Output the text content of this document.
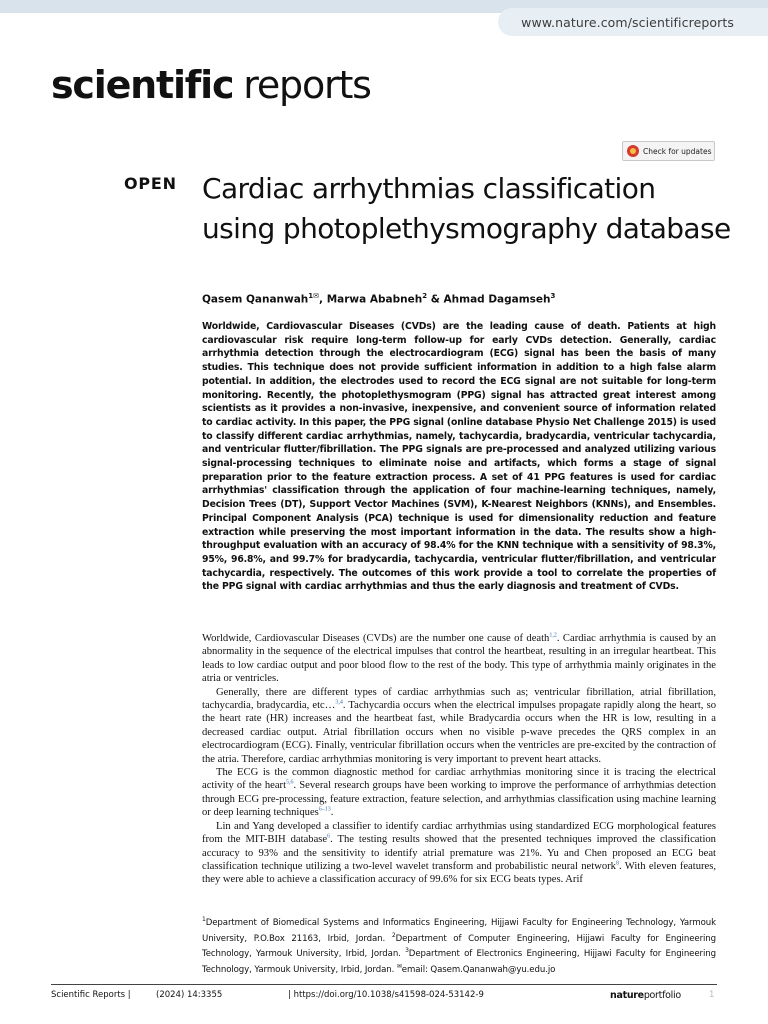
www.nature.com/scientificreports
scientific reports
Check for updates
OPEN Cardiac arrhythmias classification using photoplethysmography database
Qasem Qananwah$^{1✉}$, Marwa Ababneh$^2$ & Ahmad Dagamseh$^3$
Worldwide, Cardiovascular Diseases (CVDs) are the leading cause of death. Patients at high cardiovascular risk require long-term follow-up for early CVDs detection. Generally, cardiac arrhythmia detection through the electrocardiogram (ECG) signal has been the basis of many studies. This technique does not provide sufficient information in addition to a high false alarm potential. In addition, the electrodes used to record the ECG signal are not suitable for long-term monitoring. Recently, the photoplethysmogram (PPG) signal has attracted great interest among scientists as it provides a non-invasive, inexpensive, and convenient source of information related to cardiac activity. In this paper, the PPG signal (online database Physio Net Challenge 2015) is used to classify different cardiac arrhythmias, namely, tachycardia, bradycardia, ventricular tachycardia, and ventricular flutter/fibrillation. The PPG signals are pre-processed and analyzed utilizing various signal-processing techniques to eliminate noise and artifacts, which forms a stage of signal preparation prior to the feature extraction process. A set of 41 PPG features is used for cardiac arrhythmias' classification through the application of four machine-learning techniques, namely, Decision Trees (DT), Support Vector Machines (SVM), K-Nearest Neighbors (KNNs), and Ensembles. Principal Component Analysis (PCA) technique is used for dimensionality reduction and feature extraction while preserving the most important information in the data. The results show a high-throughput evaluation with an accuracy of 98.4% for the KNN technique with a sensitivity of 98.3%, 95%, 96.8%, and 99.7% for bradycardia, tachycardia, ventricular flutter/fibrillation, and ventricular tachycardia, respectively. The outcomes of this work provide a tool to correlate the properties of the PPG signal with cardiac arrhythmias and thus the early diagnosis and treatment of CVDs.

Worldwide, Cardiovascular Diseases (CVDs) are the number one cause of death$^{1,2}$. Cardiac arrhythmia is caused by an abnormality in the sequence of the electrical impulses that control the heartbeat, resulting in an irregular heartbeat. This leads to low cardiac output and poor blood flow to the rest of the body. This type of arrhythmia mainly originates in the atria or ventricles.

Generally, there are different types of cardiac arrhythmias such as; ventricular fibrillation, atrial fibrillation, tachycardia, bradycardia, etc…$^{3,4}$. Tachycardia occurs when the electrical impulses propagate rapidly along the heart, so the heart rate (HR) increases and the heartbeat fast, while Bradycardia occurs when the HR is low, resulting in a decreased cardiac output. Atrial fibrillation occurs when no visible p-wave precedes the QRS complex in an electrocardiogram (ECG). Finally, ventricular fibrillation occurs when the ventricles are pre-excited by the contraction of the atria. Therefore, cardiac arrhythmias monitoring is very important to prevent heart attacks.

The ECG is the common diagnostic method for cardiac arrhythmias monitoring since it is tracing the electrical activity of the heart$^{5,6}$. Several research groups have been working to improve the performance of arrhythmias detection through ECG pre-processing, feature extraction, feature selection, and arrhythmias classification using machine learning or deep learning techniques$^{6-13}$.

Lin and Yang developed a classifier to identify cardiac arrhythmias using standardized ECG morphological features from the MIT-BIH database$^6$. The testing results showed that the presented techniques improved the classification accuracy to 93% and the sensitivity to identify atrial premature was 21%. Yu and Chen proposed an ECG beat classification technique utilizing a two-level wavelet transform and probabilistic neural network$^8$. With eleven features, they were able to achieve a classification accuracy of 99.6% for six ECG beats types. Arif

$^1$Department of Biomedical Systems and Informatics Engineering, Hijjawi Faculty for Engineering Technology, Yarmouk University, P.O.Box 21163, Irbid, Jordan. $^2$Department of Computer Engineering, Hijjawi Faculty for Engineering Technology, Yarmouk University, Irbid, Jordan. $^3$Department of Electronics Engineering, Hijjawi Faculty for Engineering Technology, Yarmouk University, Irbid, Jordan. ✉email: Qasem.Qananwah@yu.edu.jo
Scientific Reports |	(2024) 14:3355	| https://doi.org/10.1038/s41598-024-53142-9	natureportfolio	1
